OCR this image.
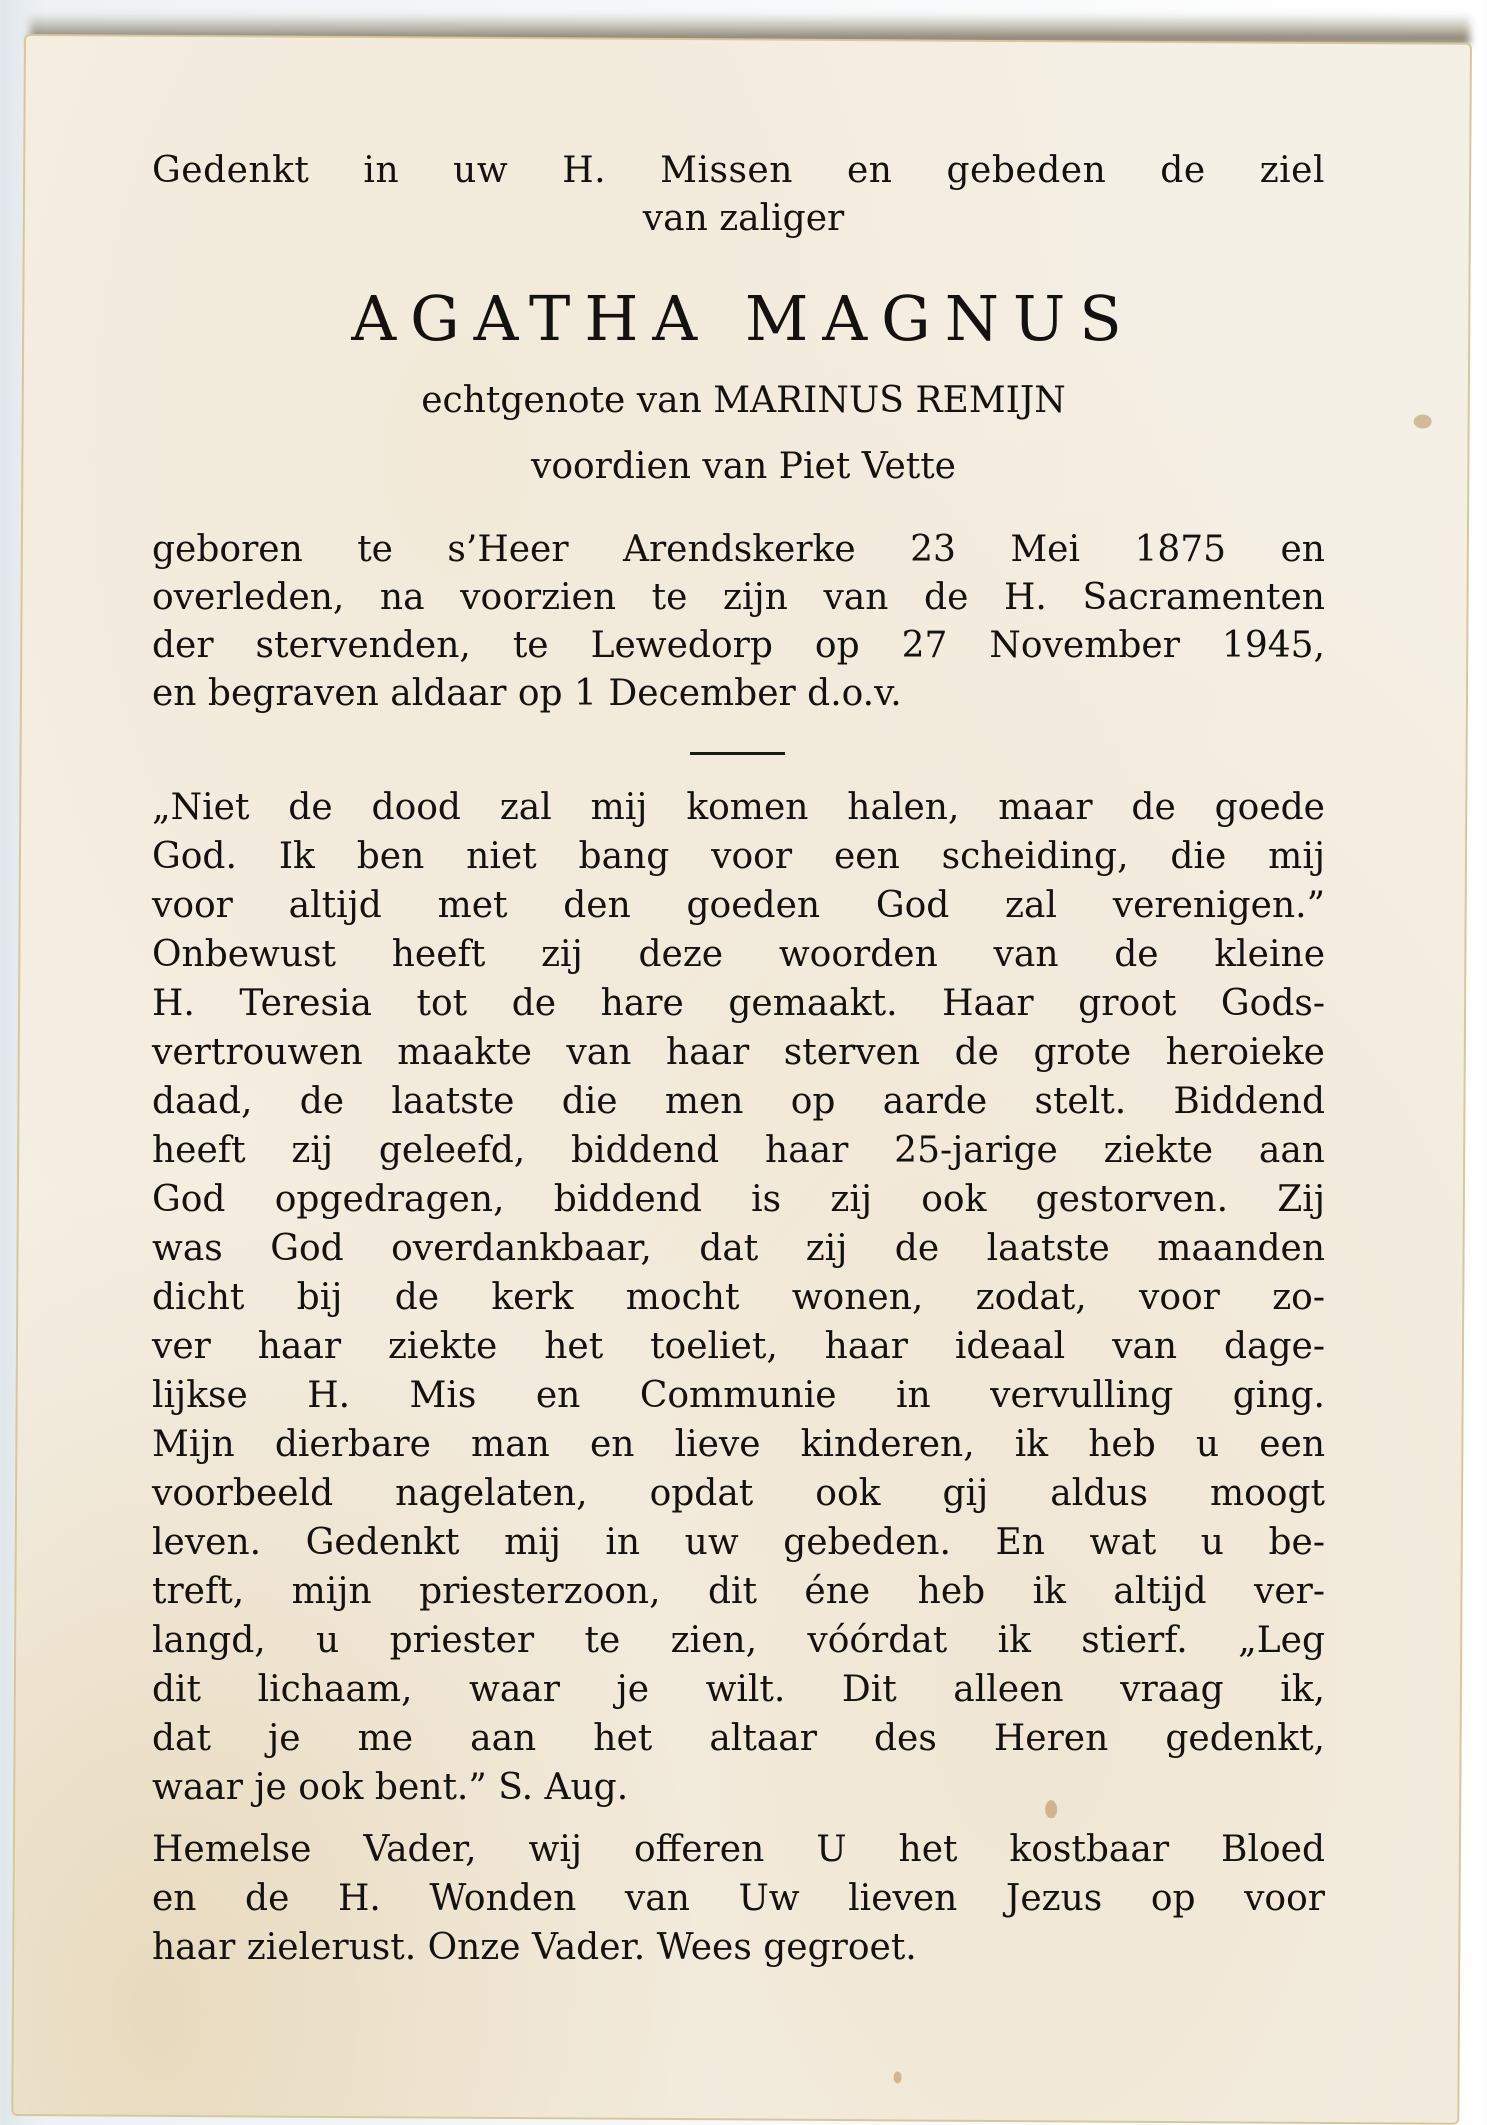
Gedenkt in uw H. Missen en gebeden de ziel
van zaliger
AGATHA MAGNUS
echtgenote van MARINUS REMIJN
voordien van Piet Vette
geboren te s’Heer Arendskerke 23 Mei 1875 en
overleden, na voorzien te zijn van de H. Sacramenten
der stervenden, te Lewedorp op 27 November 1945,
en begraven aldaar op 1 December d.o.v.
„Niet de dood zal mij komen halen, maar de goede
God. Ik ben niet bang voor een scheiding, die mij
voor altijd met den goeden God zal verenigen.”
Onbewust heeft zij deze woorden van de kleine
H. Teresia tot de hare gemaakt. Haar groot Gods-
vertrouwen maakte van haar sterven de grote heroieke
daad, de laatste die men op aarde stelt. Biddend
heeft zij geleefd, biddend haar 25-jarige ziekte aan
God opgedragen, biddend is zij ook gestorven. Zij
was God overdankbaar, dat zij de laatste maanden
dicht bij de kerk mocht wonen, zodat, voor zo-
ver haar ziekte het toeliet, haar ideaal van dage-
lijkse H. Mis en Communie in vervulling ging.
Mijn dierbare man en lieve kinderen, ik heb u een
voorbeeld nagelaten, opdat ook gij aldus moogt
leven. Gedenkt mij in uw gebeden. En wat u be-
treft, mijn priesterzoon, dit éne heb ik altijd ver-
langd, u priester te zien, vóórdat ik stierf. „Leg
dit lichaam, waar je wilt. Dit alleen vraag ik,
dat je me aan het altaar des Heren gedenkt,
waar je ook bent.” S. Aug.
Hemelse Vader, wij offeren U het kostbaar Bloed
en de H. Wonden van Uw lieven Jezus op voor
haar zielerust. Onze Vader. Wees gegroet.
